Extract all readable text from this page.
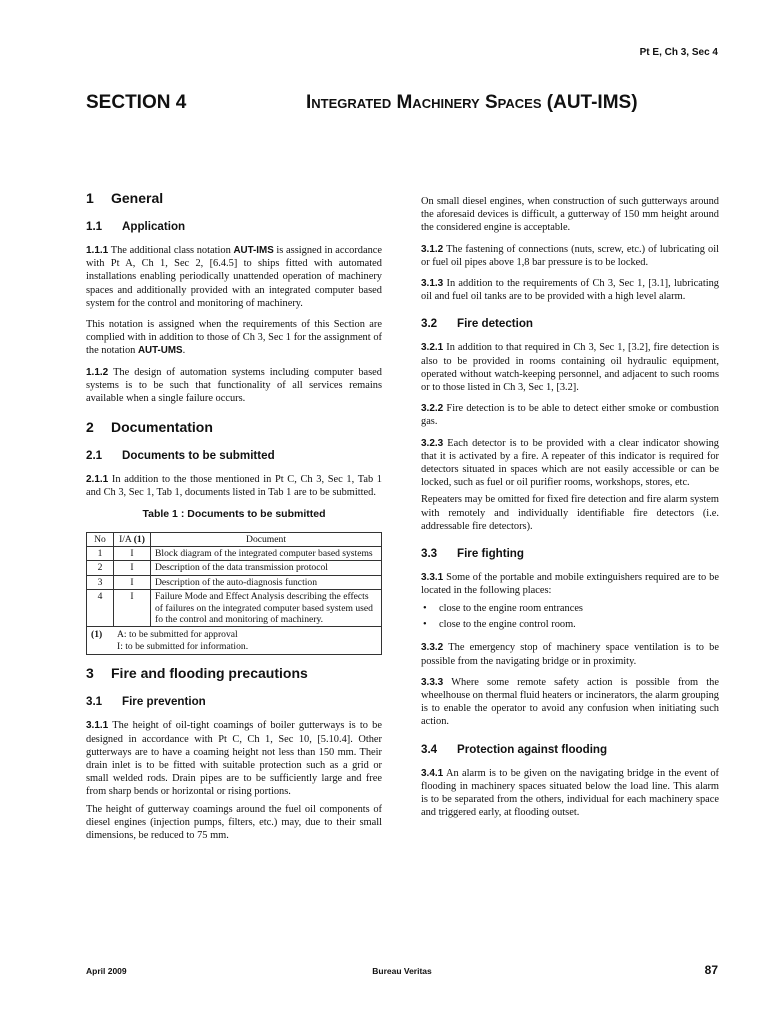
Pt E, Ch 3, Sec 4
SECTION 4	Integrated Machinery Spaces (AUT-IMS)
1 General
1.1 Application

1.1.1 The additional class notation AUT-IMS is assigned in accordance with Pt A, Ch 1, Sec 2, [6.4.5] to ships fitted with automated installations enabling periodically unattended operation of machinery spaces and additionally provided with an integrated computer based system for the control and monitoring of machinery.

This notation is assigned when the requirements of this Section are complied with in addition to those of Ch 3, Sec 1 for the assignment of the notation AUT-UMS.

1.1.2 The design of automation systems including computer based systems is to be such that functionality of all services remains available when a single failure occurs.

2 Documentation
2.1 Documents to be submitted

2.1.1 In addition to the those mentioned in Pt C, Ch 3, Sec 1, Tab 1 and Ch 3, Sec 1, Tab 1, documents listed in Tab 1 are to be submitted.

Table 1 : Documents to be submitted
No	I/A (1)	Document
1	I	Block diagram of the integrated computer based systems
2	I	Description of the data transmission protocol
3	I	Description of the auto-diagnosis function
4	I	Failure Mode and Effect Analysis describing the effects of failures on the integrated computer based system used fo the control and monitoring of machinery.

(1) A: to be submitted for approval
I: to be submitted for information.		
3 Fire and flooding precautions
3.1 Fire prevention

3.1.1 The height of oil-tight coamings of boiler gutterways is to be designed in accordance with Pt C, Ch 1, Sec 10, [5.10.4]. Other gutterways are to have a coaming height not less than 150 mm. Their drain inlet is to be fitted with suitable protection such as a grid or small welded rods. Drain pipes are to be sufficiently large and free from sharp bends or horizontal or rising portions.

The height of gutterway coamings around the fuel oil components of diesel engines (injection pumps, filters, etc.) may, due to their small dimensions, be reduced to 75 mm.

On small diesel engines, when construction of such gutterways around the aforesaid devices is difficult, a gutterway of 150 mm height around the considered engine is acceptable.

3.1.2 The fastening of connections (nuts, screw, etc.) of lubricating oil or fuel oil pipes above 1,8 bar pressure is to be locked.

3.1.3 In addition to the requirements of Ch 3, Sec 1, [3.1], lubricating oil and fuel oil tanks are to be provided with a high level alarm.

3.2 Fire detection

3.2.1 In addition to that required in Ch 3, Sec 1, [3.2], fire detection is also to be provided in rooms containing oil hydraulic equipment, operated without watch-keeping personnel, and adjacent to such rooms or to those listed in Ch 3, Sec 1, [3.2].

3.2.2 Fire detection is to be able to detect either smoke or combustion gas.

3.2.3 Each detector is to be provided with a clear indicator showing that it is activated by a fire. A repeater of this indicator is required for detectors situated in spaces which are not easily accessible or can be locked, such as fuel or oil purifier rooms, workshops, stores, etc.

Repeaters may be omitted for fixed fire detection and fire alarm system with remotely and individually identifiable fire detectors (i.e. addressable fire detectors).

3.3 Fire fighting

3.3.1 Some of the portable and mobile extinguishers required are to be located in the following places:

• close to the engine room entrances
• close to the engine control room.

3.3.2 The emergency stop of machinery space ventilation is to be possible from the navigating bridge or in proximity.

3.3.3 Where some remote safety action is possible from the wheelhouse on thermal fluid heaters or incinerators, the alarm grouping is to enable the operator to avoid any confusion when initiating such action.

3.4 Protection against flooding

3.4.1 An alarm is to be given on the navigating bridge in the event of flooding in machinery spaces situated below the load line. This alarm is to be separated from the others, individual for each machinery space and triggered early, at flooding outset.

April 2009	Bureau Veritas	87
